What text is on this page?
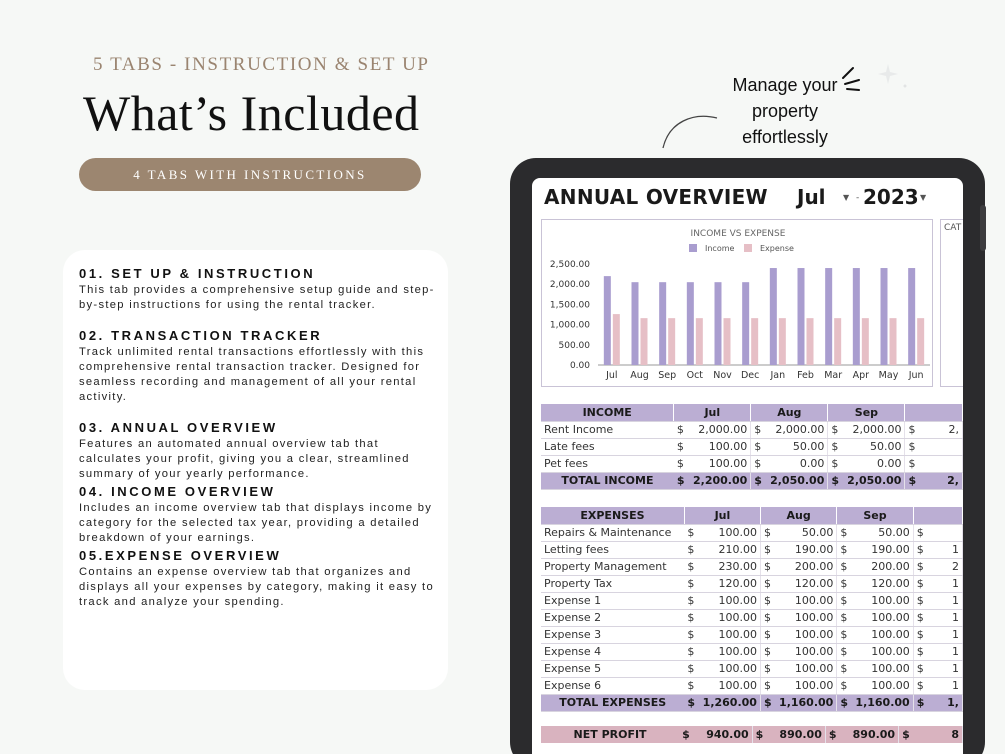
5 TABS - INSTRUCTION & SET UP
What’s Included
4 TABS WITH INSTRUCTIONS
01. SET UP & INSTRUCTION

This tab provides a comprehensive setup guide and step-by-step instructions for using the rental tracker.

02. TRANSACTION TRACKER

Track unlimited rental transactions effortlessly with this comprehensive rental transaction tracker. Designed for seamless recording and management of all your rental activity.

03. ANNUAL OVERVIEW

Features an automated annual overview tab that calculates your profit, giving you a clear, streamlined summary of your yearly performance.

04. INCOME OVERVIEW

Includes an income overview tab that displays income by category for the selected tax year, providing a detailed breakdown of your earnings.

05.EXPENSE OVERVIEW

Contains an expense overview tab that organizes and displays all your expenses by category, making it easy to track and analyze your spending.

Manage your property effortlessly
ANNUAL OVERVIEW Jul ▼ - 2023 ▼
INCOME VS EXPENSE
Income	Expense
2,500.00
2,000.00
1,500.00
1,000.00
500.00
0.00
Jul Aug Sep Oct Nov Dec Jan Feb Mar Apr May Jun
CAT
INCOME	Jul		Aug		Sep			
Rent Income	$	2,000.00	$	2,000.00	$	2,000.00	$	2,
Late fees	$	100.00	$	50.00	$	50.00	$	
Pet fees	$	100.00	$	0.00	$	0.00	$	
TOTAL INCOME	$	2,200.00	$	2,050.00	$	2,050.00	$	2,
EXPENSES	Jul		Aug		Sep			
Repairs & Maintenance	$	100.00	$	50.00	$	50.00	$	
Letting fees	$	210.00	$	190.00	$	190.00	$	1
Property Management	$	230.00	$	200.00	$	200.00	$	2
Property Tax	$	120.00	$	120.00	$	120.00	$	1
Expense 1	$	100.00	$	100.00	$	100.00	$	1
Expense 2	$	100.00	$	100.00	$	100.00	$	1
Expense 3	$	100.00	$	100.00	$	100.00	$	1
Expense 4	$	100.00	$	100.00	$	100.00	$	1
Expense 5	$	100.00	$	100.00	$	100.00	$	1
Expense 6	$	100.00	$	100.00	$	100.00	$	1
TOTAL EXPENSES	$	1,260.00	$	1,160.00	$	1,160.00	$	1,
NET PROFIT	$	940.00	$	890.00	$	890.00	$	8
